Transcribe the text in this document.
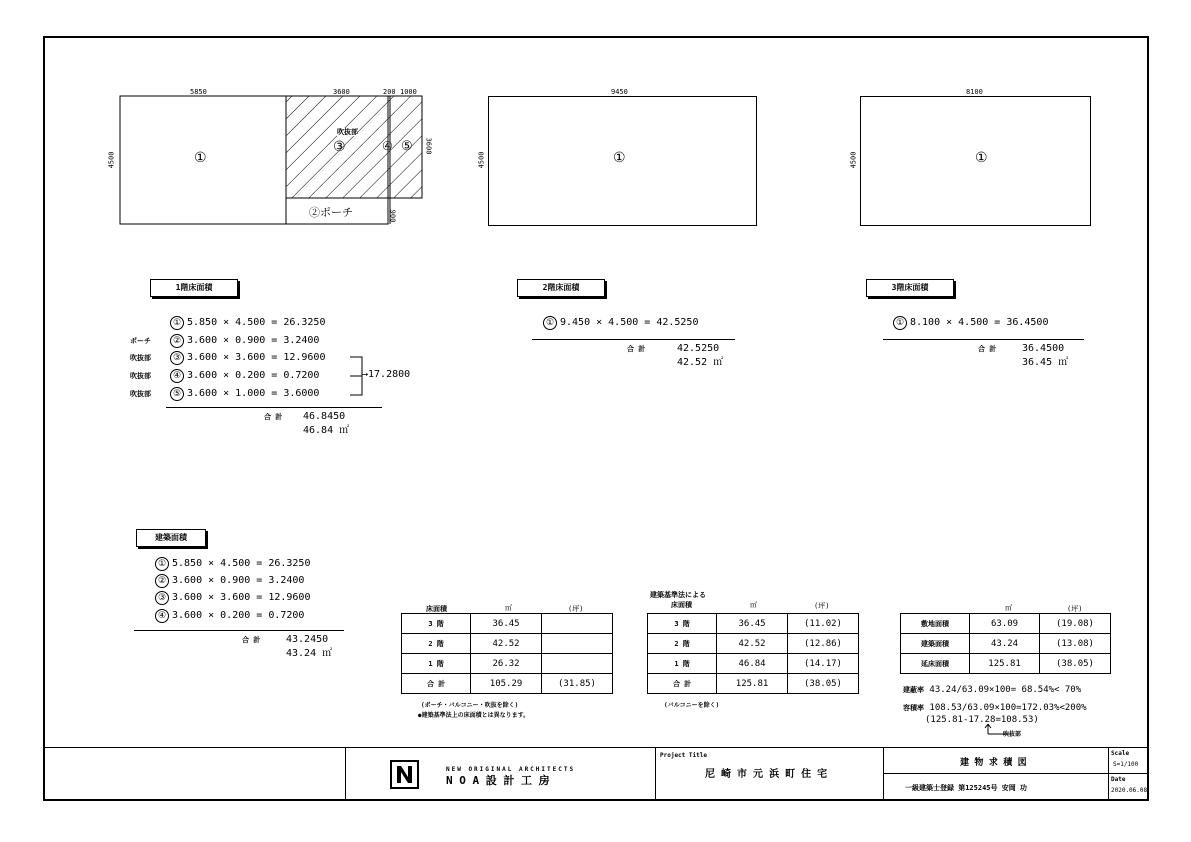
5850	3600	200 1000
4500
3600
900
①
吹抜部
③	④ ⑤
②ポーチ
9450
4500	①
8100
4500	①
1階床面積
① 5.850 × 4.500 = 26.3250
ポーチ ② 3.600 × 0.900 = 3.2400
吹抜部 ③ 3.600 × 3.600 = 12.9600
吹抜部 ④ 3.600 × 0.200 = 0.7200
吹抜部 ⑤ 3.600 × 1.000 = 3.6000
→17.2800
合 計 46.8450
46.84 ㎡
2階床面積
① 9.450 × 4.500 = 42.5250
合 計	42.5250
42.52 ㎡
3階床面積
① 8.100 × 4.500 = 36.4500
合 計	36.4500
36.45 ㎡
建築面積
① 5.850 × 4.500 = 26.3250
② 3.600 × 0.900 = 3.2400
③ 3.600 × 3.600 = 12.9600
④ 3.600 × 0.200 = 0.7200
合 計	43.2450
43.24 ㎡
床面積	㎡	(坪)
3 階	36.45	
2 階	42.52	
1 階	26.32	
合 計	105.29	(31.85)
(ポーチ・バルコニー・吹抜を除く)
●建築基準法上の床面積とは異なります。
建築基準法による
床面積	㎡	(坪)
3 階	36.45	(11.02)
2 階	42.52	(12.86)
1 階	46.84	(14.17)
合 計	125.81	(38.05)
(バルコニーを除く)
㎡	(坪)
敷地面積	63.09	(19.08)
建築面積	43.24	(13.08)
延床面積	125.81	(38.05)
建蔽率 43.24/63.09×100= 68.54%< 70%
容積率 108.53/63.09×100=172.03%<200%
(125.81-17.28=108.53)
吹抜部
NEW ORIGINAL ARCHITECTS
N O A 設 計 工 房
Project Title
尼 崎 市 元 浜 町 住 宅
建 物 求 積 図
一級建築士登録 第125245号 安岡 功
Scale
S=1/100
Date
2020.06.08
